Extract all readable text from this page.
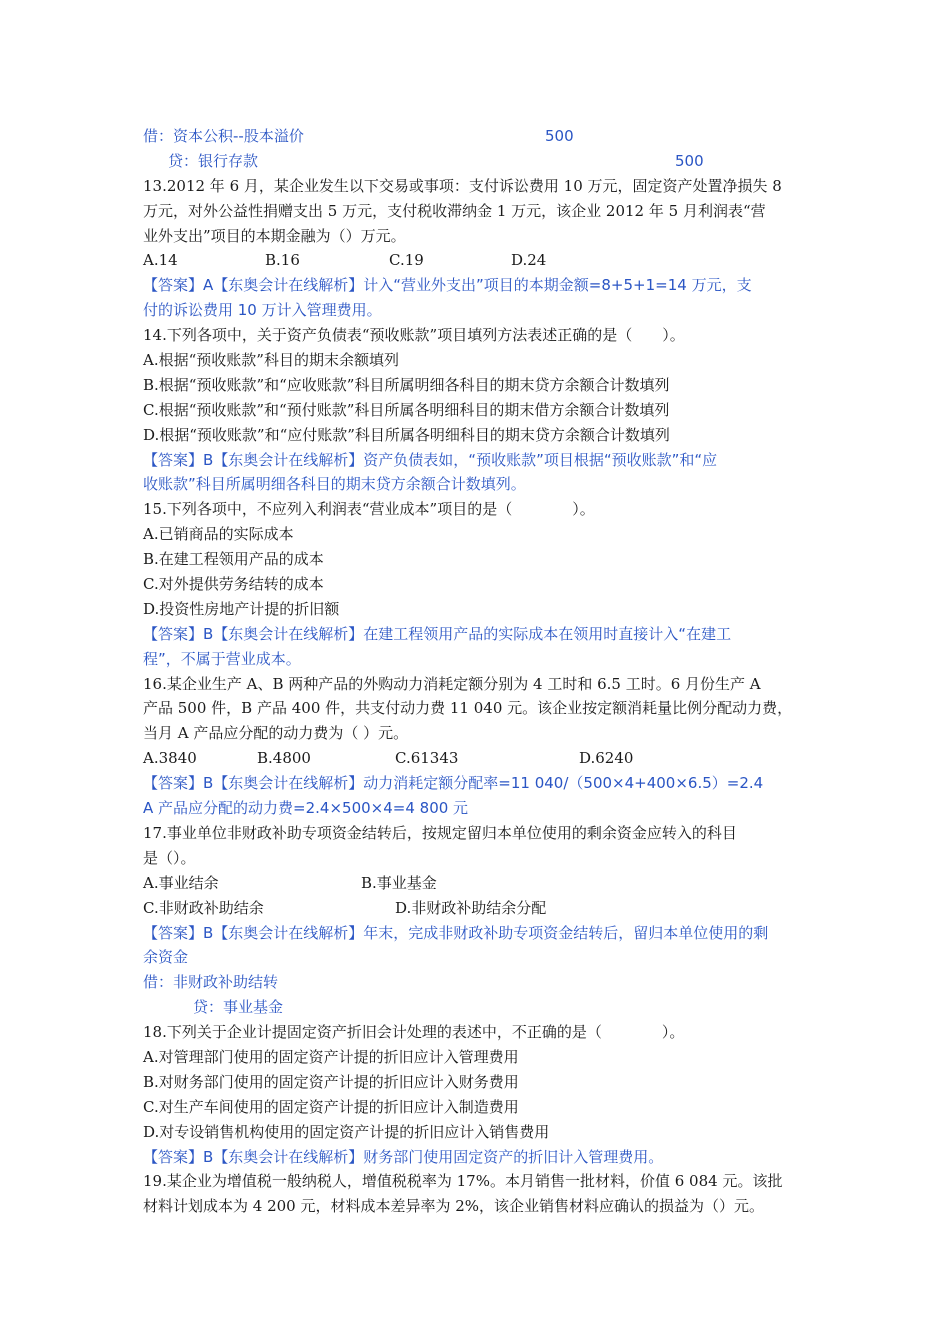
借：资本公积--股本溢价	500
贷：银行存款	500
13.2012 年 6 月，某企业发生以下交易或事项：支付诉讼费用 10 万元，固定资产处置净损失 8
万元，对外公益性捐赠支出 5 万元，支付税收滞纳金 1 万元，该企业 2012 年 5 月利润表“营
业外支出”项目的本期金融为（）万元。
A.14	B.16	C.19	D.24
【答案】A【东奥会计在线解析】计入“营业外支出”项目的本期金额=8+5+1=14 万元，支
付的诉讼费用 10 万计入管理费用。
14.下列各项中，关于资产负债表“预收账款”项目填列方法表述正确的是（　　）。
A.根据“预收账款”科目的期末余额填列
B.根据“预收账款”和“应收账款”科目所属明细各科目的期末贷方余额合计数填列
C.根据“预收账款”和“预付账款”科目所属各明细科目的期末借方余额合计数填列
D.根据“预收账款”和“应付账款”科目所属各明细科目的期末贷方余额合计数填列
【答案】B【东奥会计在线解析】资产负债表如，“预收账款”项目根据“预收账款”和“应
收账款”科目所属明细各科目的期末贷方余额合计数填列。
15.下列各项中，不应列入利润表“营业成本”项目的是（　　　　）。
A.已销商品的实际成本
B.在建工程领用产品的成本
C.对外提供劳务结转的成本
D.投资性房地产计提的折旧额
【答案】B【东奥会计在线解析】在建工程领用产品的实际成本在领用时直接计入“在建工
程”，不属于营业成本。
16.某企业生产 A、B 两种产品的外购动力消耗定额分别为 4 工时和 6.5 工时。6 月份生产 A
产品 500 件，B 产品 400 件，共支付动力费 11 040 元。该企业按定额消耗量比例分配动力费，
当月 A 产品应分配的动力费为（ ）元。
A.3840	B.4800	C.61343	D.6240
【答案】B【东奥会计在线解析】动力消耗定额分配率=11 040/（500×4+400×6.5）=2.4
A 产品应分配的动力费=2.4×500×4=4 800 元
17.事业单位非财政补助专项资金结转后，按规定留归本单位使用的剩余资金应转入的科目
是（）。
A.事业结余	B.事业基金
C.非财政补助结余	D.非财政补助结余分配
【答案】B【东奥会计在线解析】年末，完成非财政补助专项资金结转后，留归本单位使用的剩
余资金
借：非财政补助结转
贷：事业基金
18.下列关于企业计提固定资产折旧会计处理的表述中，不正确的是（　　　　）。
A.对管理部门使用的固定资产计提的折旧应计入管理费用
B.对财务部门使用的固定资产计提的折旧应计入财务费用
C.对生产车间使用的固定资产计提的折旧应计入制造费用
D.对专设销售机构使用的固定资产计提的折旧应计入销售费用
【答案】B【东奥会计在线解析】财务部门使用固定资产的折旧计入管理费用。
19.某企业为增值税一般纳税人，增值税税率为 17%。本月销售一批材料，价值 6 084 元。该批
材料计划成本为 4 200 元，材料成本差异率为 2%，该企业销售材料应确认的损益为（）元。
